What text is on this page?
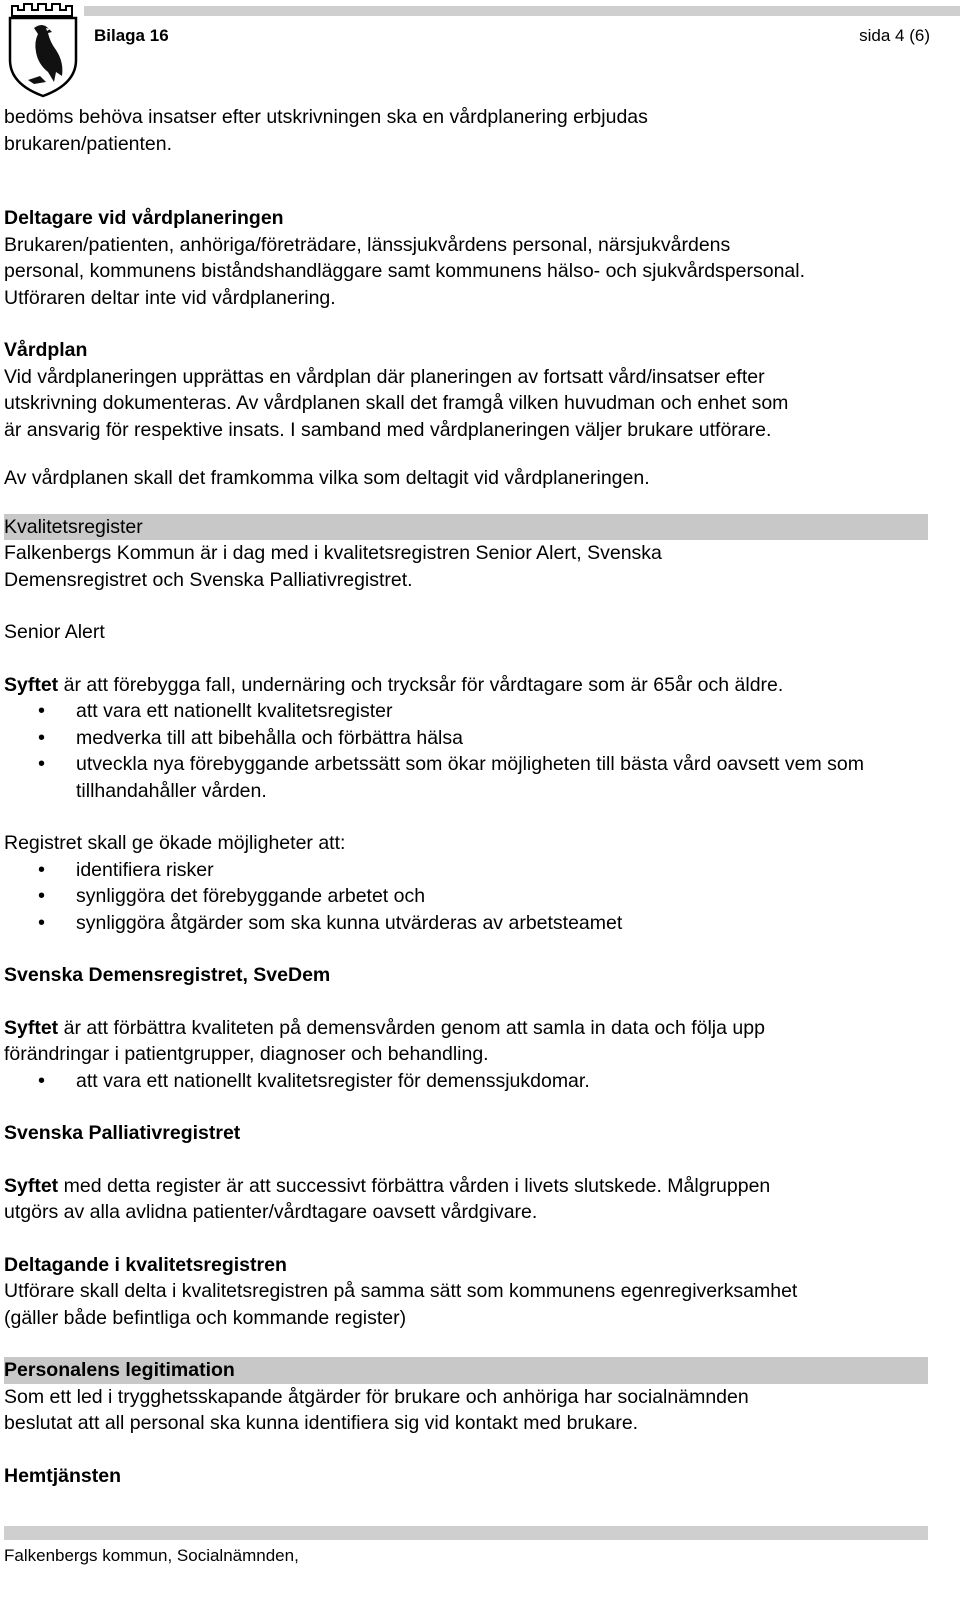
Bilaga 16	sida 4 (6)

bedöms behöva insatser efter utskrivningen ska en vårdplanering erbjudas

brukaren/patienten.

Deltagare vid vårdplaneringen

Brukaren/patienten, anhöriga/företrädare, länssjukvårdens personal, närsjukvårdens

personal, kommunens biståndshandläggare samt kommunens hälso- och sjukvårdspersonal.

Utföraren deltar inte vid vårdplanering.

Vårdplan

Vid vårdplaneringen upprättas en vårdplan där planeringen av fortsatt vård/insatser efter

utskrivning dokumenteras. Av vårdplanen skall det framgå vilken huvudman och enhet som

är ansvarig för respektive insats. I samband med vårdplaneringen väljer brukare utförare.

Av vårdplanen skall det framkomma vilka som deltagit vid vårdplaneringen.

Kvalitetsregister

Falkenbergs Kommun är i dag med i kvalitetsregistren Senior Alert, Svenska

Demensregistret och Svenska Palliativregistret.

Senior Alert

Syftet är att förebygga fall, undernäring och trycksår för vårdtagare som är 65år och äldre.

• att vara ett nationellt kvalitetsregister
• medverka till att bibehålla och förbättra hälsa
• utveckla nya förebyggande arbetssätt som ökar möjligheten till bästa vård oavsett vem som tillhandahåller vården.

Registret skall ge ökade möjligheter att:

• identifiera risker
• synliggöra det förebyggande arbetet och
• synliggöra åtgärder som ska kunna utvärderas av arbetsteamet

Svenska Demensregistret, SveDem

Syftet är att förbättra kvaliteten på demensvården genom att samla in data och följa upp

förändringar i patientgrupper, diagnoser och behandling.

• att vara ett nationellt kvalitetsregister för demenssjukdomar.

Svenska Palliativregistret

Syftet med detta register är att successivt förbättra vården i livets slutskede. Målgruppen

utgörs av alla avlidna patienter/vårdtagare oavsett vårdgivare.

Deltagande i kvalitetsregistren

Utförare skall delta i kvalitetsregistren på samma sätt som kommunens egenregiverksamhet

(gäller både befintliga och kommande register)

Personalens legitimation

Som ett led i trygghetsskapande åtgärder för brukare och anhöriga har socialnämnden

beslutat att all personal ska kunna identifiera sig vid kontakt med brukare.

Hemtjänsten

Falkenbergs kommun, Socialnämnden,
